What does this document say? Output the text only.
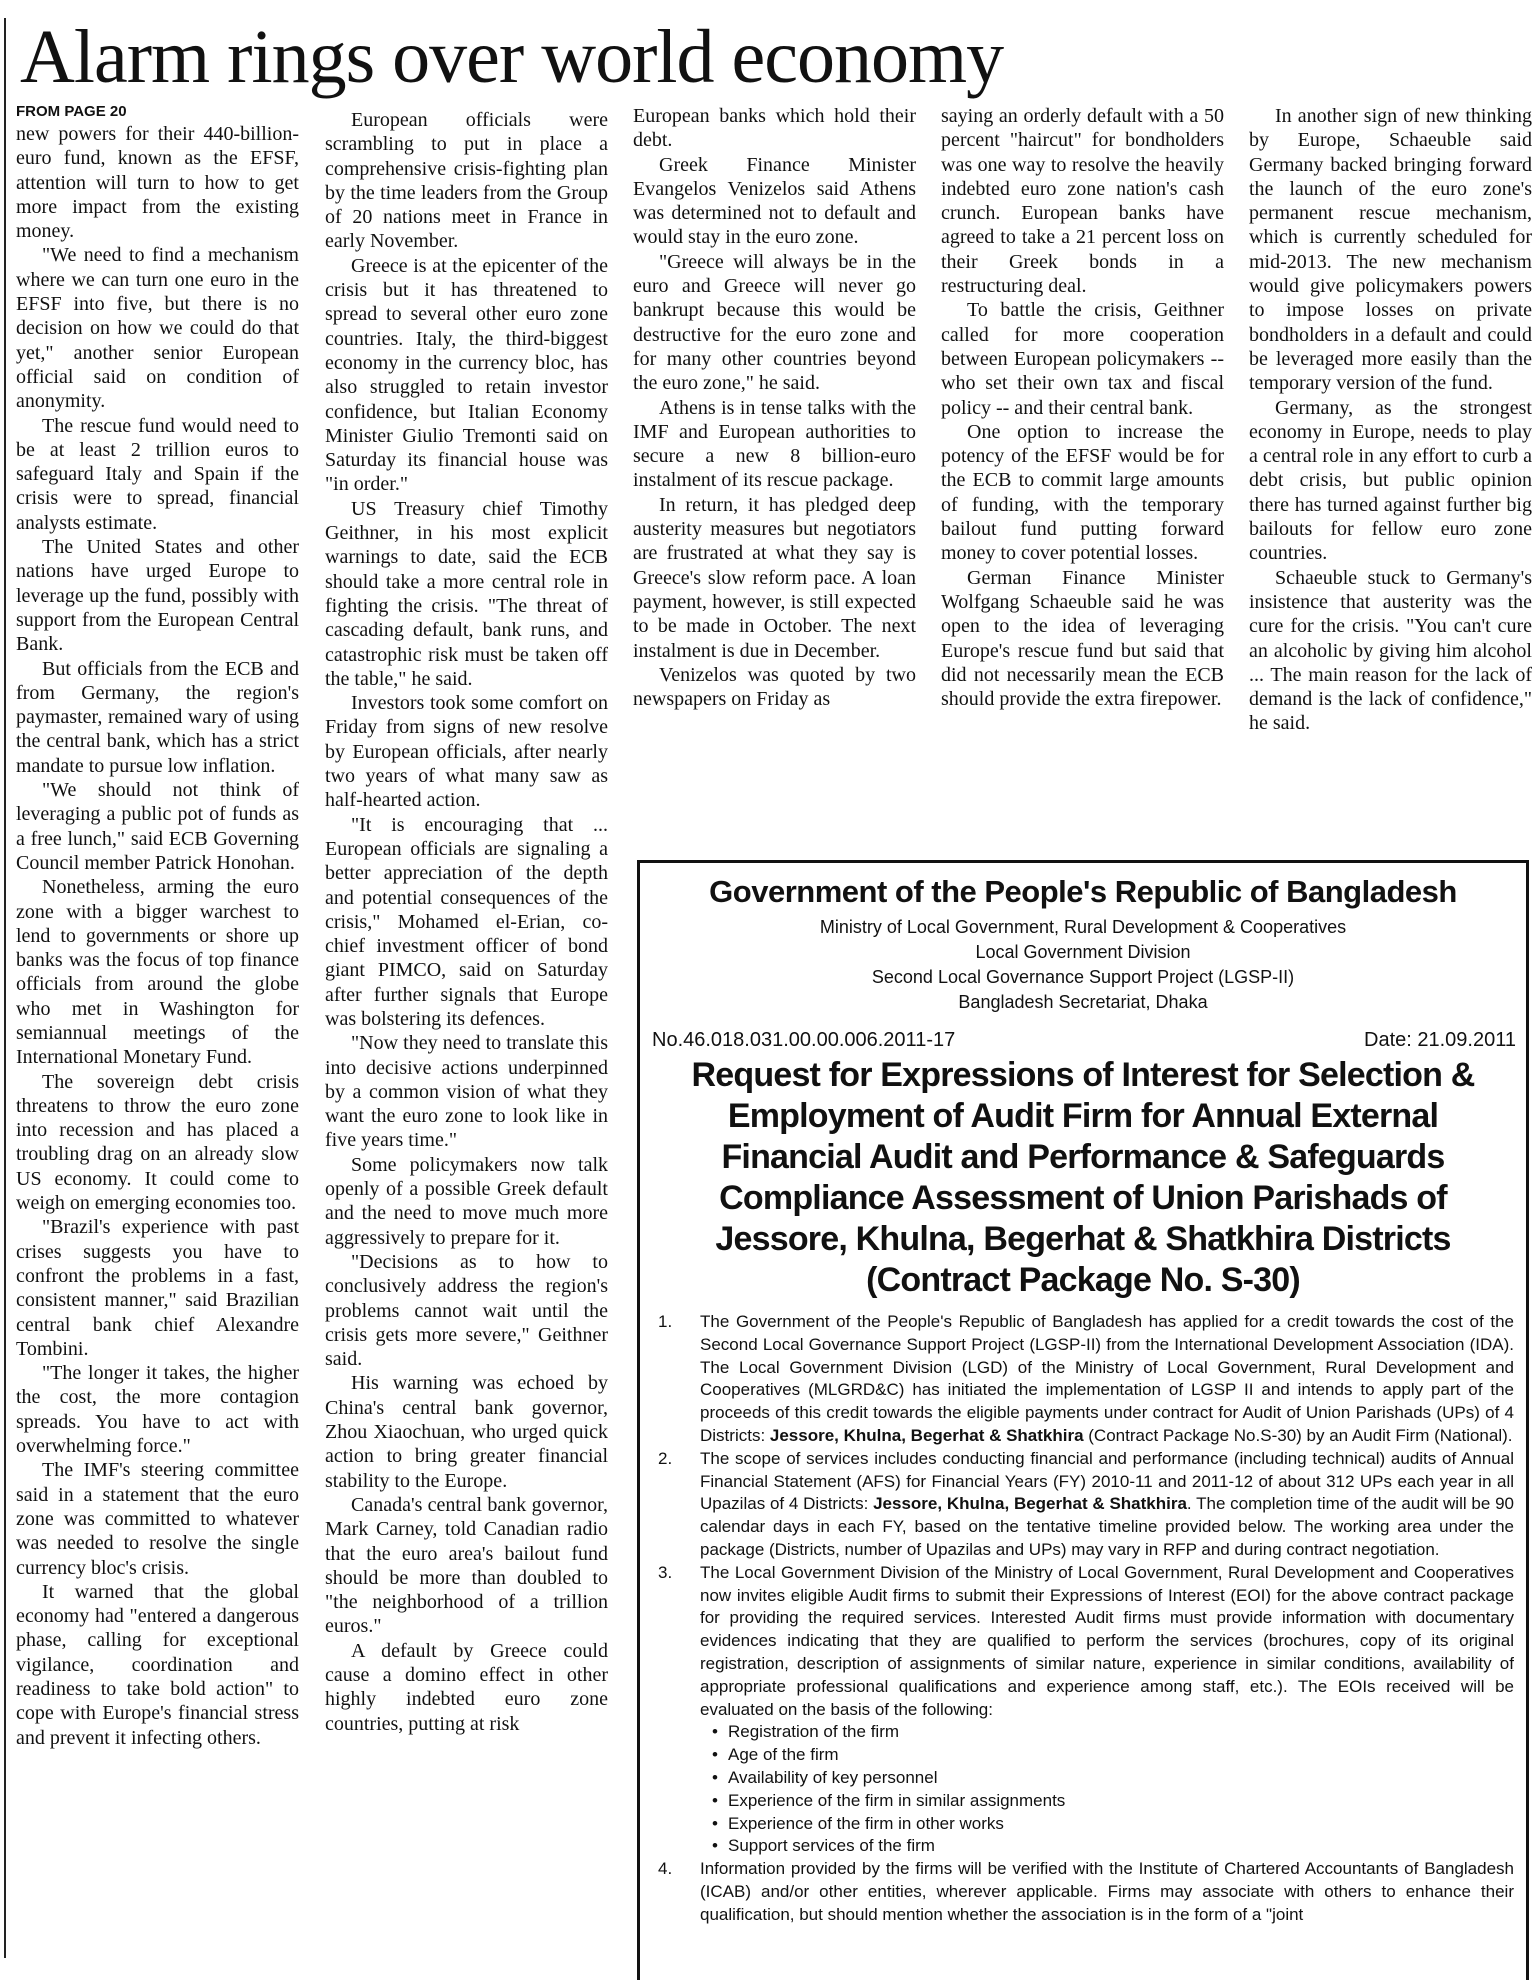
Alarm rings over world economy
FROM PAGE 20

new powers for their 440-billion-euro fund, known as the EFSF, attention will turn to how to get more impact from the existing money.

"We need to find a mechanism where we can turn one euro in the EFSF into five, but there is no decision on how we could do that yet," another senior European official said on condition of anonymity.

The rescue fund would need to be at least 2 trillion euros to safeguard Italy and Spain if the crisis were to spread, financial analysts estimate.

The United States and other nations have urged Europe to leverage up the fund, possibly with support from the European Central Bank.

But officials from the ECB and from Germany, the region's paymaster, remained wary of using the central bank, which has a strict mandate to pursue low inflation.

"We should not think of leveraging a public pot of funds as a free lunch," said ECB Governing Council member Patrick Honohan.

Nonetheless, arming the euro zone with a bigger warchest to lend to governments or shore up banks was the focus of top finance officials from around the globe who met in Washington for semiannual meetings of the International Monetary Fund.

The sovereign debt crisis threatens to throw the euro zone into recession and has placed a troubling drag on an already slow US economy. It could come to weigh on emerging economies too.

"Brazil's experience with past crises suggests you have to confront the problems in a fast, consistent manner," said Brazilian central bank chief Alexandre Tombini.

"The longer it takes, the higher the cost, the more contagion spreads. You have to act with overwhelming force."

The IMF's steering committee said in a statement that the euro zone was committed to whatever was needed to resolve the single currency bloc's crisis.

It warned that the global economy had "entered a dangerous phase, calling for exceptional vigilance, coordination and readiness to take bold action" to cope with Europe's financial stress and prevent it infecting others.

European officials were scrambling to put in place a comprehensive crisis-fighting plan by the time leaders from the Group of 20 nations meet in France in early November.

Greece is at the epicenter of the crisis but it has threatened to spread to several other euro zone countries. Italy, the third-biggest economy in the currency bloc, has also struggled to retain investor confidence, but Italian Economy Minister Giulio Tremonti said on Saturday its financial house was "in order."

US Treasury chief Timothy Geithner, in his most explicit warnings to date, said the ECB should take a more central role in fighting the crisis. "The threat of cascading default, bank runs, and catastrophic risk must be taken off the table," he said.

Investors took some comfort on Friday from signs of new resolve by European officials, after nearly two years of what many saw as half-hearted action.

"It is encouraging that ... European officials are signaling a better appreciation of the depth and potential consequences of the crisis," Mohamed el-Erian, co-chief investment officer of bond giant PIMCO, said on Saturday after further signals that Europe was bolstering its defences.

"Now they need to translate this into decisive actions underpinned by a common vision of what they want the euro zone to look like in five years time."

Some policymakers now talk openly of a possible Greek default and the need to move much more aggressively to prepare for it.

"Decisions as to how to conclusively address the region's problems cannot wait until the crisis gets more severe," Geithner said.

His warning was echoed by China's central bank governor, Zhou Xiaochuan, who urged quick action to bring greater financial stability to the Europe.

Canada's central bank governor, Mark Carney, told Canadian radio that the euro area's bailout fund should be more than doubled to "the neighborhood of a trillion euros."

A default by Greece could cause a domino effect in other highly indebted euro zone countries, putting at risk

European banks which hold their debt.

Greek Finance Minister Evangelos Venizelos said Athens was determined not to default and would stay in the euro zone.

"Greece will always be in the euro and Greece will never go bankrupt because this would be destructive for the euro zone and for many other countries beyond the euro zone," he said.

Athens is in tense talks with the IMF and European authorities to secure a new 8 billion-euro instalment of its rescue package.

In return, it has pledged deep austerity measures but negotiators are frustrated at what they say is Greece's slow reform pace. A loan payment, however, is still expected to be made in October. The next instalment is due in December.

Venizelos was quoted by two newspapers on Friday as

saying an orderly default with a 50 percent "haircut" for bondholders was one way to resolve the heavily indebted euro zone nation's cash crunch. European banks have agreed to take a 21 percent loss on their Greek bonds in a restructuring deal.

To battle the crisis, Geithner called for more cooperation between European policymakers -- who set their own tax and fiscal policy -- and their central bank.

One option to increase the potency of the EFSF would be for the ECB to commit large amounts of funding, with the temporary bailout fund putting forward money to cover potential losses.

German Finance Minister Wolfgang Schaeuble said he was open to the idea of leveraging Europe's rescue fund but said that did not necessarily mean the ECB should provide the extra firepower.

In another sign of new thinking by Europe, Schaeuble said Germany backed bringing forward the launch of the euro zone's permanent rescue mechanism, which is currently scheduled for mid-2013. The new mechanism would give policymakers powers to impose losses on private bondholders in a default and could be leveraged more easily than the temporary version of the fund.

Germany, as the strongest economy in Europe, needs to play a central role in any effort to curb a debt crisis, but public opinion there has turned against further big bailouts for fellow euro zone countries.

Schaeuble stuck to Germany's insistence that austerity was the cure for the crisis. "You can't cure an alcoholic by giving him alcohol ... The main reason for the lack of demand is the lack of confidence," he said.

Government of the People's Republic of Bangladesh
Ministry of Local Government, Rural Development & Cooperatives
Local Government Division
Second Local Governance Support Project (LGSP-II)
Bangladesh Secretariat, Dhaka
No.46.018.031.00.00.006.2011-17	Date: 21.09.2011
Request for Expressions of Interest for Selection &
Employment of Audit Firm for Annual External
Financial Audit and Performance & Safeguards
Compliance Assessment of Union Parishads of
Jessore, Khulna, Begerhat & Shatkhira Districts
(Contract Package No. S-30)
1. The Government of the People's Republic of Bangladesh has applied for a credit towards the cost of the Second Local Governance Support Project (LGSP-II) from the International Development Association (IDA). The Local Government Division (LGD) of the Ministry of Local Government, Rural Development and Cooperatives (MLGRD&C) has initiated the implementation of LGSP II and intends to apply part of the proceeds of this credit towards the eligible payments under contract for Audit of Union Parishads (UPs) of 4 Districts: Jessore, Khulna, Begerhat & Shatkhira (Contract Package No.S-30) by an Audit Firm (National).
2. The scope of services includes conducting financial and performance (including technical) audits of Annual Financial Statement (AFS) for Financial Years (FY) 2010-11 and 2011-12 of about 312 UPs each year in all Upazilas of 4 Districts: Jessore, Khulna, Begerhat & Shatkhira. The completion time of the audit will be 90 calendar days in each FY, based on the tentative timeline provided below. The working area under the package (Districts, number of Upazilas and UPs) may vary in RFP and during contract negotiation.
3. The Local Government Division of the Ministry of Local Government, Rural Development and Cooperatives now invites eligible Audit firms to submit their Expressions of Interest (EOI) for the above contract package for providing the required services. Interested Audit firms must provide information with documentary evidences indicating that they are qualified to perform the services (brochures, copy of its original registration, description of assignments of similar nature, experience in similar conditions, availability of appropriate professional qualifications and experience among staff, etc.). The EOIs received will be evaluated on the basis of the following:
• Registration of the firm
• Age of the firm
• Availability of key personnel
• Experience of the firm in similar assignments
• Experience of the firm in other works
• Support services of the firm
4. Information provided by the firms will be verified with the Institute of Chartered Accountants of Bangladesh (ICAB) and/or other entities, wherever applicable. Firms may associate with others to enhance their qualification, but should mention whether the association is in the form of a "joint
